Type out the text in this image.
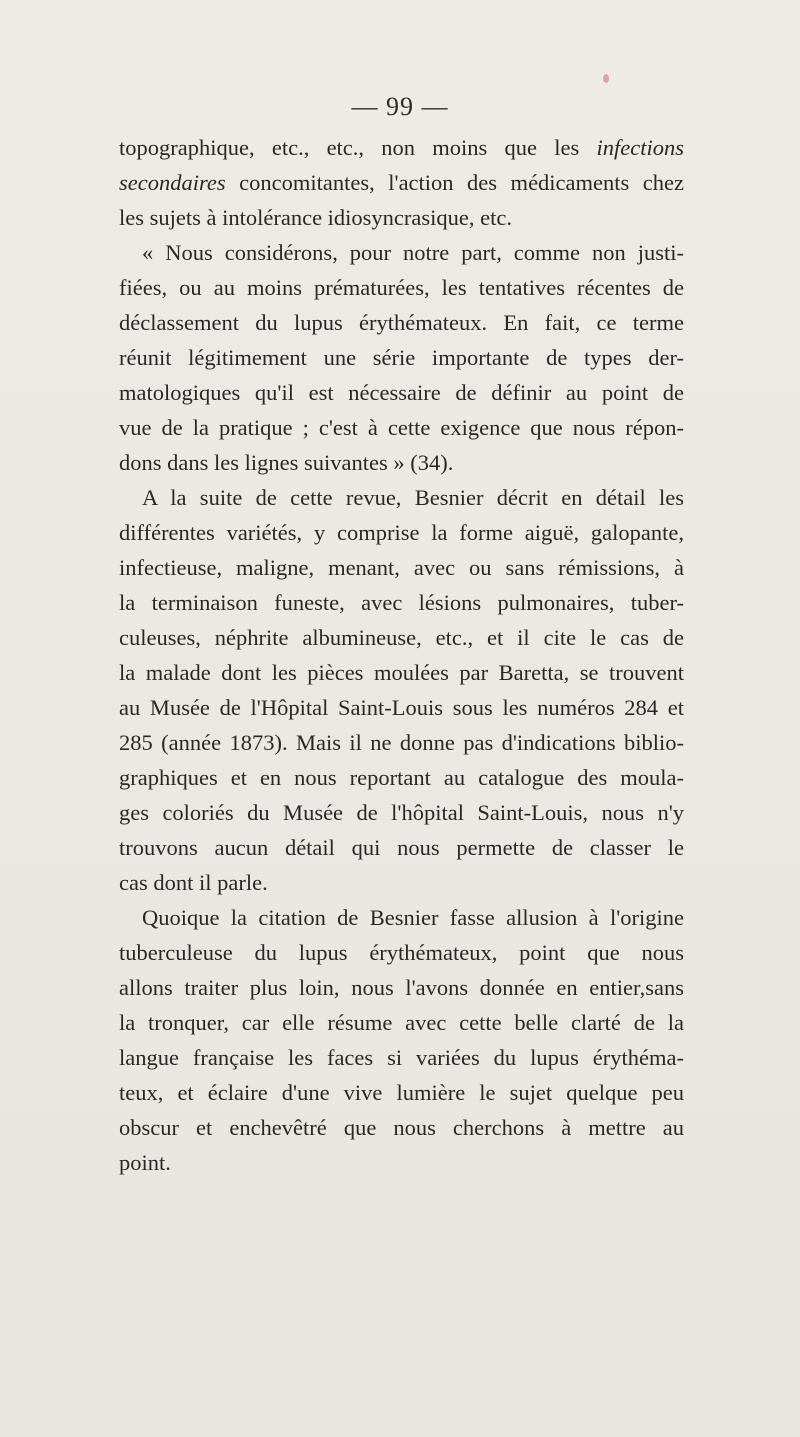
— 99 —
topographique, etc., etc., non moins que les infections
secondaires concomitantes, l'action des médicaments chez
les sujets à intolérance idiosyncrasique, etc.
« Nous considérons, pour notre part, comme non justi-
fiées, ou au moins prématurées, les tentatives récentes de
déclassement du lupus érythémateux. En fait, ce terme
réunit légitimement une série importante de types der-
matologiques qu'il est nécessaire de définir au point de
vue de la pratique ; c'est à cette exigence que nous répon-
dons dans les lignes suivantes » (34).
A la suite de cette revue, Besnier décrit en détail les
différentes variétés, y comprise la forme aiguë, galopante,
infectieuse, maligne, menant, avec ou sans rémissions, à
la terminaison funeste, avec lésions pulmonaires, tuber-
culeuses, néphrite albumineuse, etc., et il cite le cas de
la malade dont les pièces moulées par Baretta, se trouvent
au Musée de l'Hôpital Saint-Louis sous les numéros 284 et
285 (année 1873). Mais il ne donne pas d'indications biblio-
graphiques et en nous reportant au catalogue des moula-
ges coloriés du Musée de l'hôpital Saint-Louis, nous n'y
trouvons aucun détail qui nous permette de classer le
cas dont il parle.
Quoique la citation de Besnier fasse allusion à l'origine
tuberculeuse du lupus érythémateux, point que nous
allons traiter plus loin, nous l'avons donnée en entier,sans
la tronquer, car elle résume avec cette belle clarté de la
langue française les faces si variées du lupus érythéma-
teux, et éclaire d'une vive lumière le sujet quelque peu
obscur et enchevêtré que nous cherchons à mettre au
point.
